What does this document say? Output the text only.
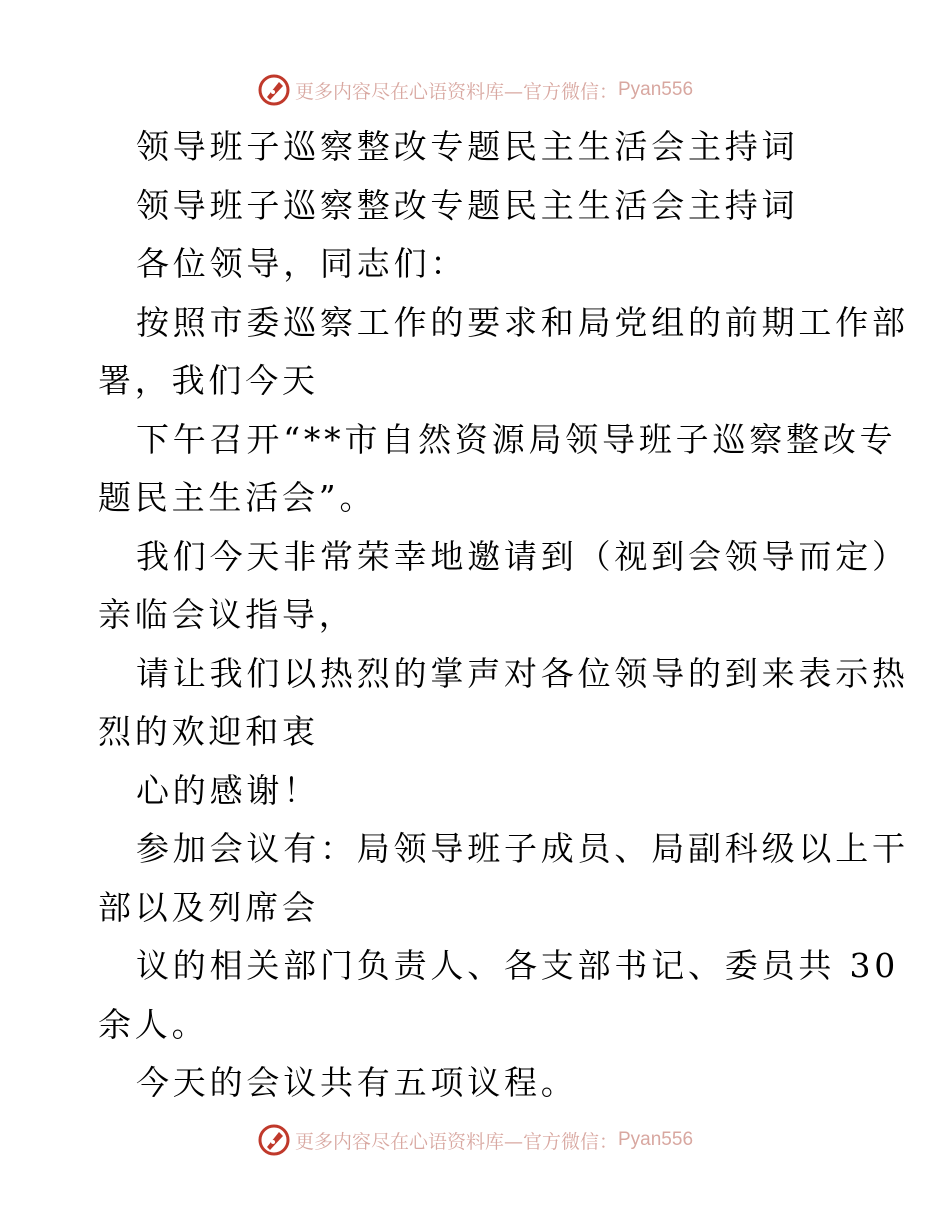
更多内容尽在心语资料库—官方微信： Pyan556
领导班子巡察整改专题民主生活会主持词
领导班子巡察整改专题民主生活会主持词
各位领导，同志们：
按照市委巡察工作的要求和局党组的前期工作部
署，我们今天
下午召开“**市自然资源局领导班子巡察整改专
题民主生活会”。
我们今天非常荣幸地邀请到（视到会领导而定）
亲临会议指导，
请让我们以热烈的掌声对各位领导的到来表示热
烈的欢迎和衷
心的感谢！
参加会议有：局领导班子成员、局副科级以上干
部以及列席会
议的相关部门负责人、各支部书记、委员共 30
余人。
今天的会议共有五项议程。
更多内容尽在心语资料库—官方微信： Pyan556
